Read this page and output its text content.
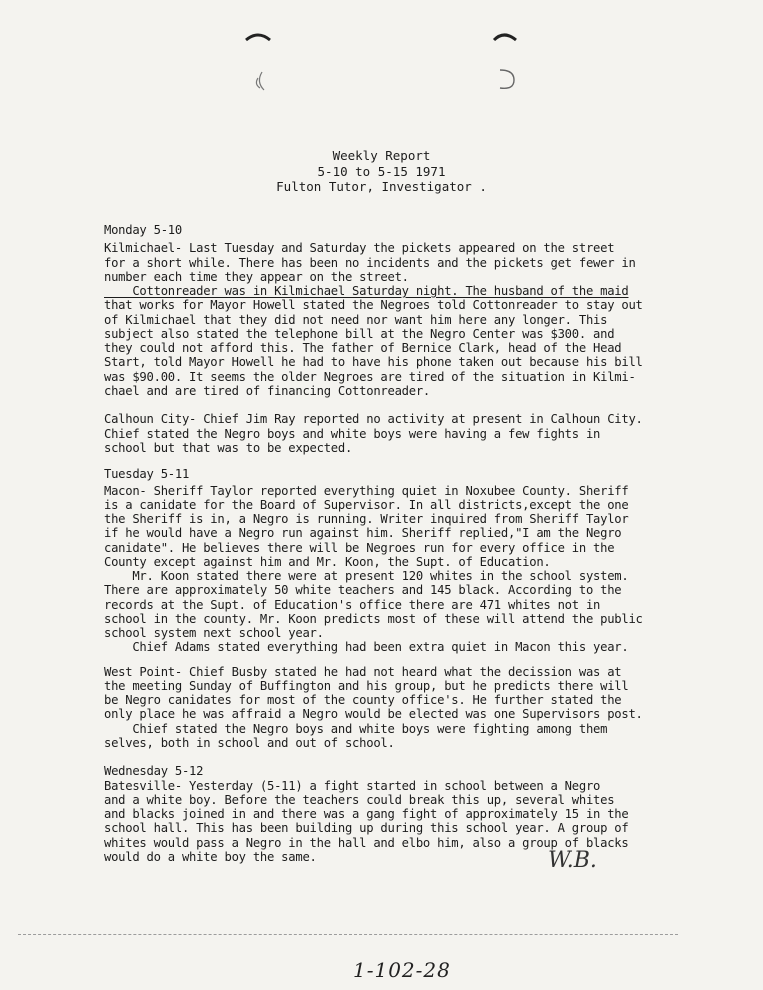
Weekly Report
5-10 to 5-15 1971
Fulton Tutor, Investigator .
Monday 5-10
Kilmichael- Last Tuesday and Saturday the pickets appeared on the street
for a short while. There has been no incidents and the pickets get fewer in
number each time they appear on the street.
Cottonreader was in Kilmichael Saturday night. The husband of the maid
that works for Mayor Howell stated the Negroes told Cottonreader to stay out
of Kilmichael that they did not need nor want him here any longer. This
subject also stated the telephone bill at the Negro Center was $300. and
they could not afford this. The father of Bernice Clark, head of the Head
Start, told Mayor Howell he had to have his phone taken out because his bill
was $90.00. It seems the older Negroes are tired of the situation in Kilmi-
chael and are tired of financing Cottonreader.
Calhoun City- Chief Jim Ray reported no activity at present in Calhoun City.
Chief stated the Negro boys and white boys were having a few fights in
school but that was to be expected.
Tuesday 5-11
Macon- Sheriff Taylor reported everything quiet in Noxubee County. Sheriff
is a canidate for the Board of Supervisor. In all districts,except the one
the Sheriff is in, a Negro is running. Writer inquired from Sheriff Taylor
if he would have a Negro run against him. Sheriff replied,"I am the Negro
canidate". He believes there will be Negroes run for every office in the
County except against him and Mr. Koon, the Supt. of Education.
Mr. Koon stated there were at present 120 whites in the school system.
There are approximately 50 white teachers and 145 black. According to the
records at the Supt. of Education's office there are 471 whites not in
school in the county. Mr. Koon predicts most of these will attend the public
school system next school year.
Chief Adams stated everything had been extra quiet in Macon this year.
West Point- Chief Busby stated he had not heard what the decission was at
the meeting Sunday of Buffington and his group, but he predicts there will
be Negro canidates for most of the county office's. He further stated the
only place he was affraid a Negro would be elected was one Supervisors post.
Chief stated the Negro boys and white boys were fighting among them
selves, both in school and out of school.
Wednesday 5-12
Batesville- Yesterday (5-11) a fight started in school between a Negro
and a white boy. Before the teachers could break this up, several whites
and blacks joined in and there was a gang fight of approximately 15 in the
school hall. This has been building up during this school year. A group of
whites would pass a Negro in the hall and elbo him, also a group of blacks
would do a white boy the same.	W.B.
1-102-28
